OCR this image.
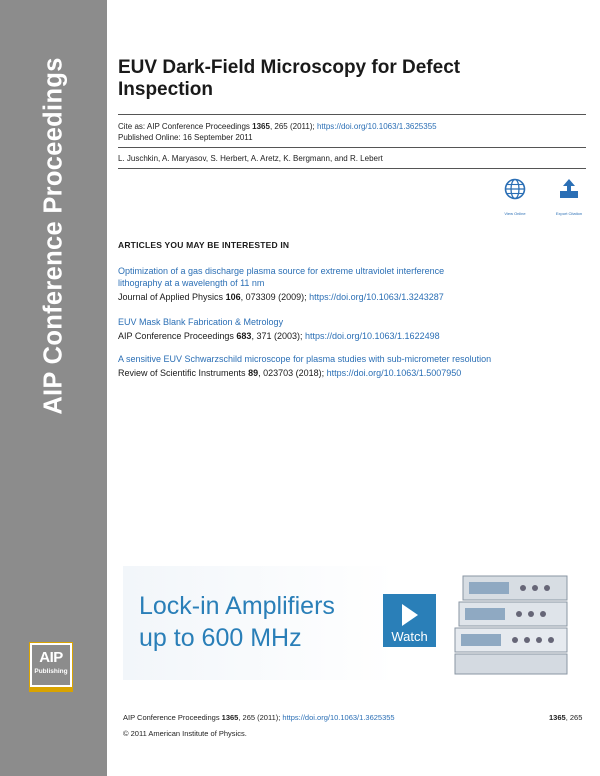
AIP Conference Proceedings
AIP
Publishing
EUV Dark-Field Microscopy for Defect
Inspection
Cite as: AIP Conference Proceedings 1365, 265 (2011); https://doi.org/10.1063/1.3625355
Published Online: 16 September 2011
L. Juschkin, A. Maryasov, S. Herbert, A. Aretz, K. Bergmann, and R. Lebert
View Online	Export Citation
ARTICLES YOU MAY BE INTERESTED IN
Optimization of a gas discharge plasma source for extreme ultraviolet interference
lithography at a wavelength of 11 nm
Journal of Applied Physics 106, 073309 (2009); https://doi.org/10.1063/1.3243287
EUV Mask Blank Fabrication & Metrology
AIP Conference Proceedings 683, 371 (2003); https://doi.org/10.1063/1.1622498
A sensitive EUV Schwarzschild microscope for plasma studies with sub-micrometer resolution
Review of Scientific Instruments 89, 023703 (2018); https://doi.org/10.1063/1.5007950
Lock-in Amplifiers
up to 600 MHz	Watch
AIP Conference Proceedings 1365, 265 (2011); https://doi.org/10.1063/1.3625355	1365, 265
© 2011 American Institute of Physics.
